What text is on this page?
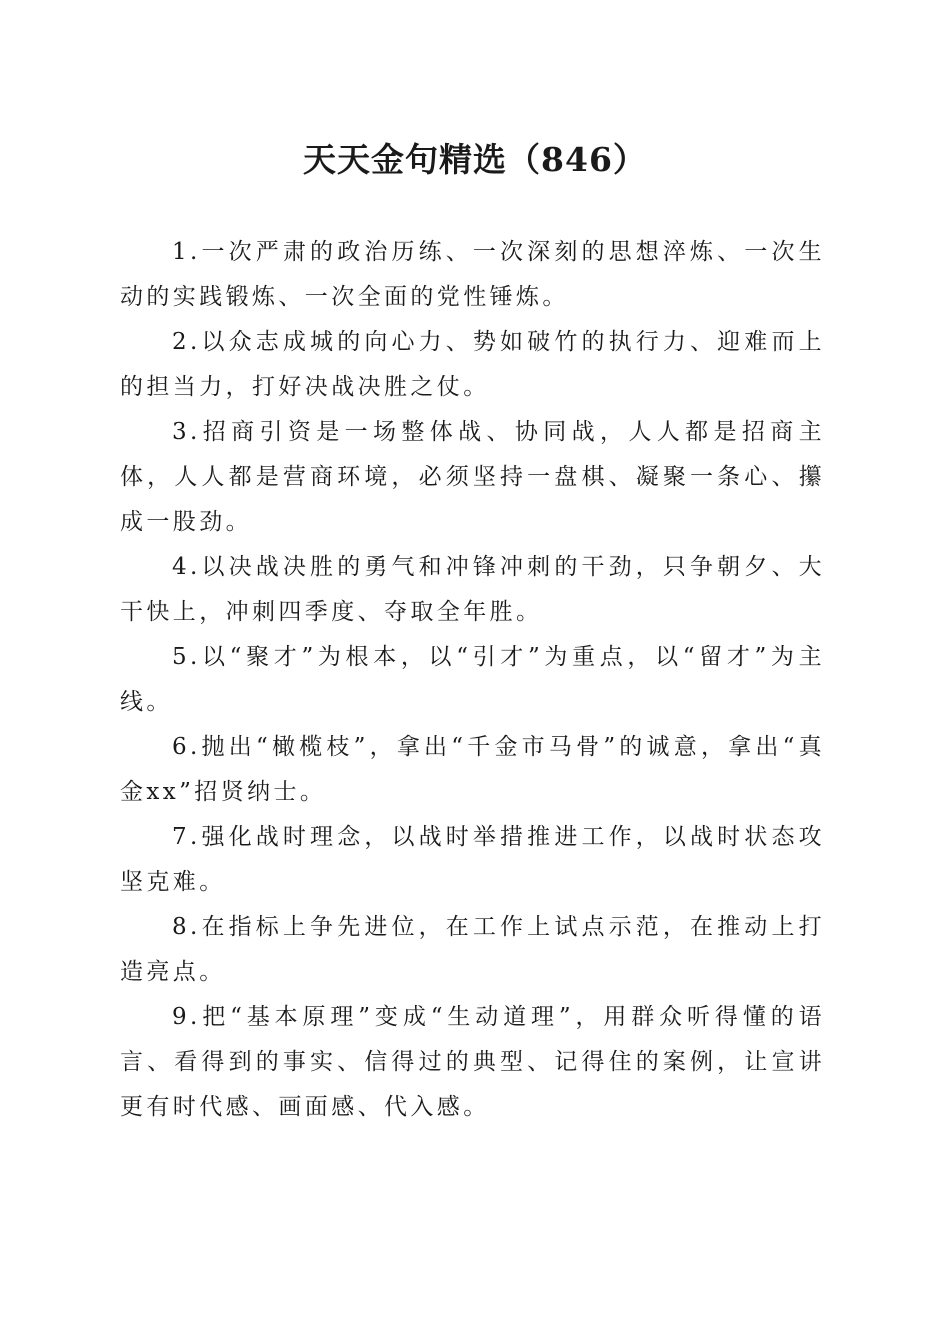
天天金句精选（846）

1.一次严肃的政治历练、一次深刻的思想淬炼、一次生动的实践锻炼、一次全面的党性锤炼。

2.以众志成城的向心力、势如破竹的执行力、迎难而上的担当力，打好决战决胜之仗。

3.招商引资是一场整体战、协同战，人人都是招商主体，人人都是营商环境，必须坚持一盘棋、凝聚一条心、攥成一股劲。

4.以决战决胜的勇气和冲锋冲刺的干劲，只争朝夕、大干快上，冲刺四季度、夺取全年胜。

5.以“聚才”为根本，以“引才”为重点，以“留才”为主线。

6.抛出“橄榄枝”，拿出“千金市马骨”的诚意，拿出“真金xx”招贤纳士。

7.强化战时理念，以战时举措推进工作，以战时状态攻坚克难。

8.在指标上争先进位，在工作上试点示范，在推动上打造亮点。

9.把“基本原理”变成“生动道理”，用群众听得懂的语言、看得到的事实、信得过的典型、记得住的案例，让宣讲更有时代感、画面感、代入感。
